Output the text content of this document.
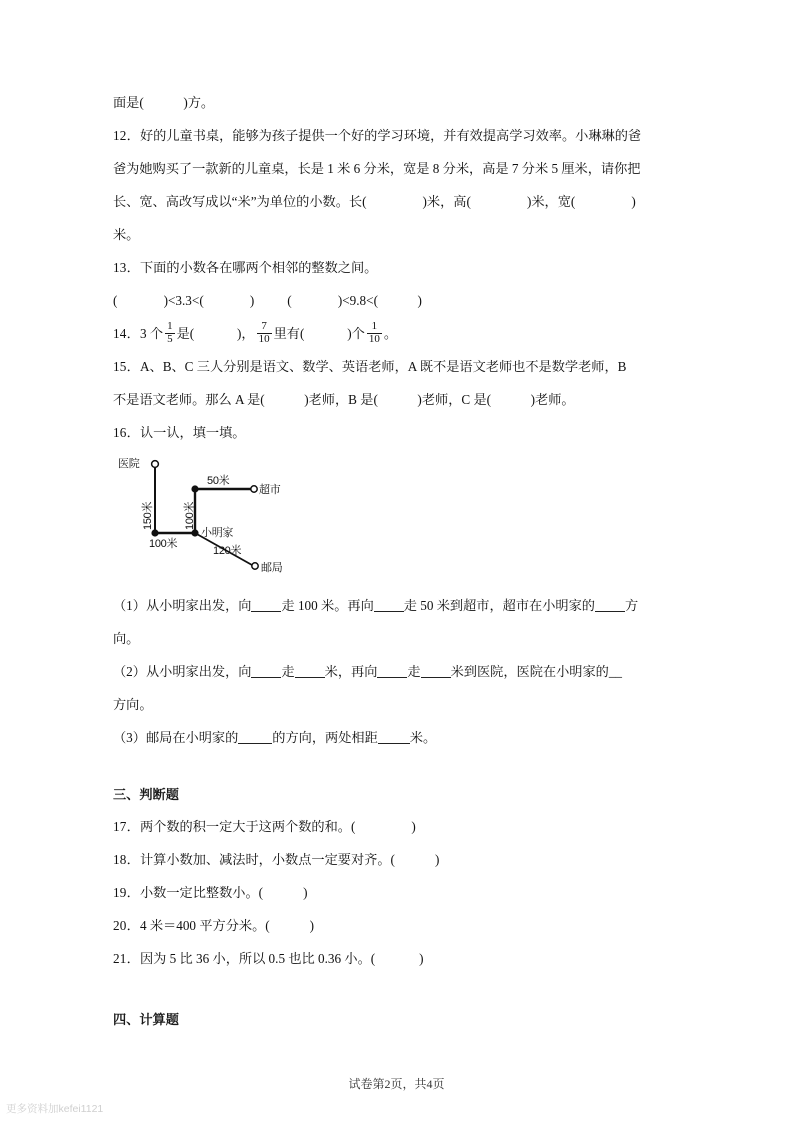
面是(	)方。

12．好的儿童书桌，能够为孩子提供一个好的学习环境，并有效提高学习效率。小琳琳的爸

爸为她购买了一款新的儿童桌，长是 1 米 6 分米，宽是 8 分米，高是 7 分米 5 厘米，请你把

长、宽、高改写成以“米”为单位的小数。长(	)米，高(	)米，宽(	)

米。

13．下面的小数各在哪两个相邻的整数之间。

(	)<3.3<(	) (	)<9.8<(	)

14．3 个 $\frac{1}{5}$ 是(	)， $\frac{7}{10}$ 里有(	)个 $\frac{1}{10}$ 。

15．A、B、C 三人分别是语文、数学、英语老师，A 既不是语文老师也不是数学老师，B

不是语文老师。那么 A 是(	)老师，B 是(	)老师，C 是(	)老师。

16．认一认，填一填。

医院
超市
小明家
邮局
150米
100米
100米
50米
120米

（1）从小明家出发，向 走 100 米。再向 走 50 米到超市，超市在小明家的 方

向。

（2）从小明家出发，向 走 米，再向 走 米到医院，医院在小明家的__

方向。

（3）邮局在小明家的	的方向，两处相距 米。

三、判断题

17．两个数的积一定大于这两个数的和。(	)

18．计算小数加、减法时，小数点一定要对齐。(	)

19．小数一定比整数小。(	)

20．4 米＝400 平方分米。(	)

21．因为 5 比 36 小，所以 0.5 也比 0.36 小。(	)

四、计算题

试卷第2页，共4页
更多资料加kefei1121
